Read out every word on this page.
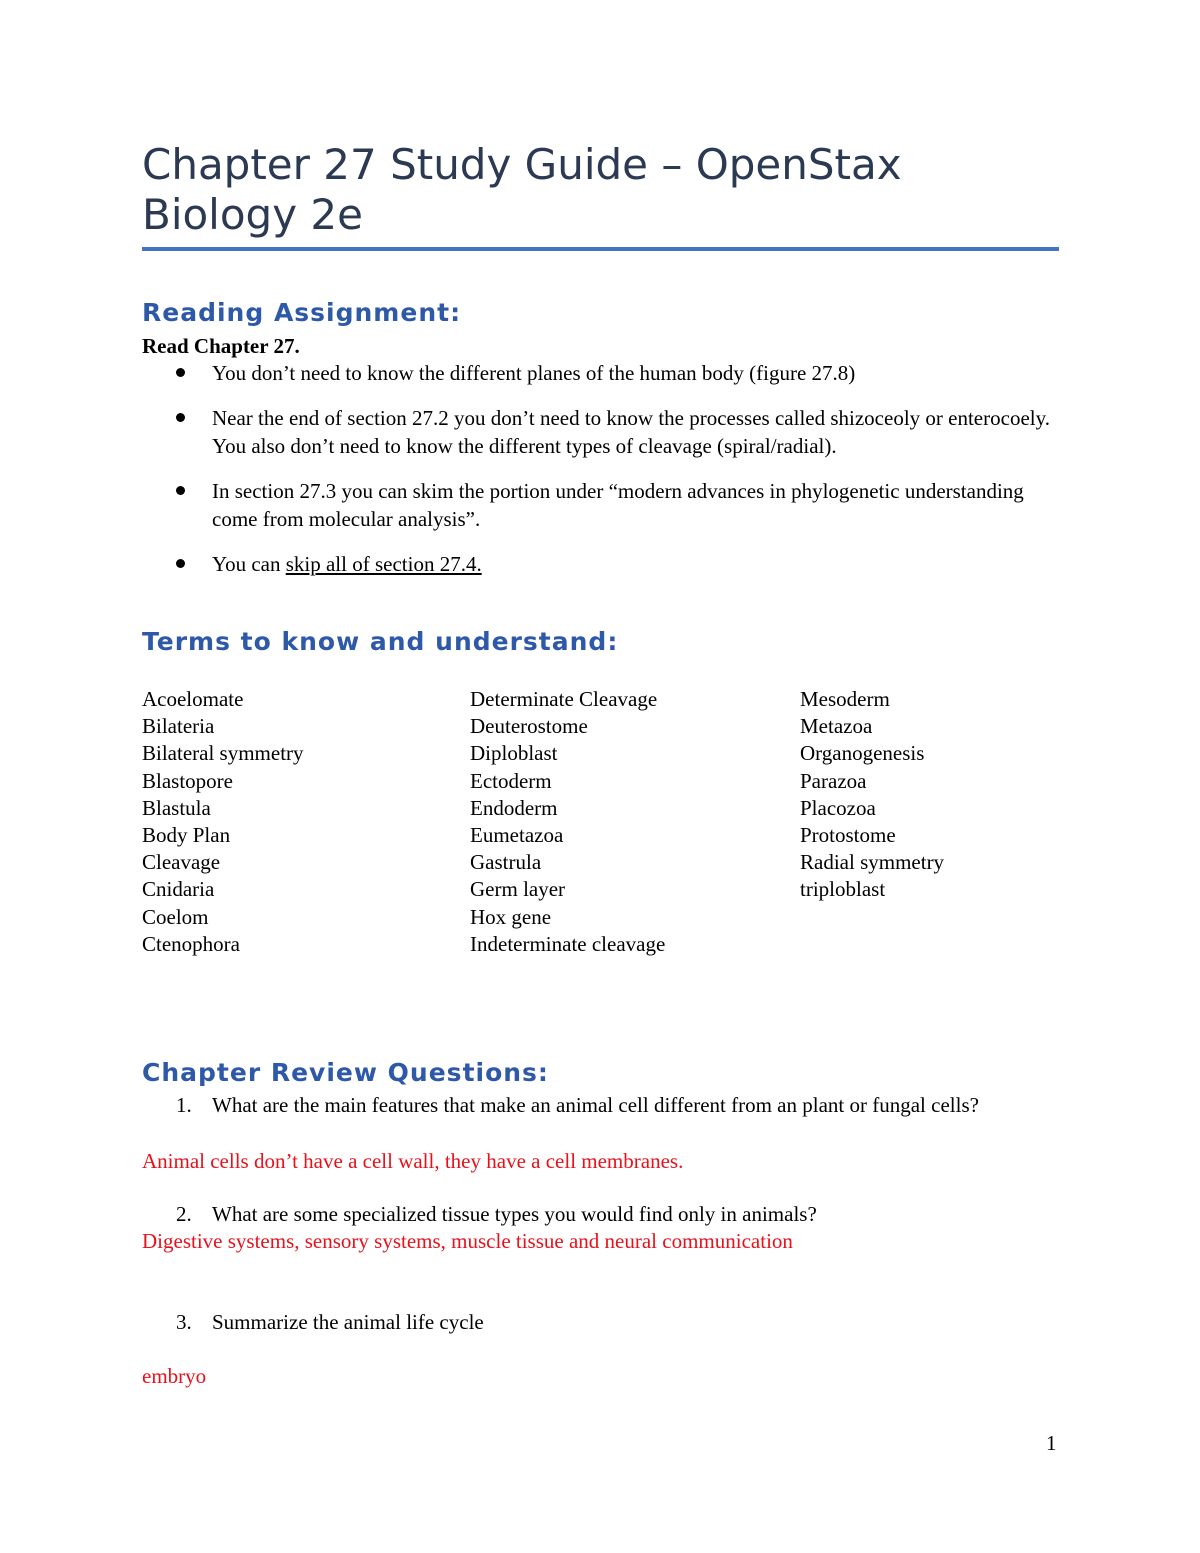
Chapter 27 Study Guide – OpenStax Biology 2e
Reading Assignment:
Read Chapter 27.
You don’t need to know the different planes of the human body (figure 27.8)
Near the end of section 27.2 you don’t need to know the processes called shizoceoly or enterocoely. You also don’t need to know the different types of cleavage (spiral/radial).
In section 27.3 you can skim the portion under “modern advances in phylogenetic understanding come from molecular analysis”.
You can skip all of section 27.4.
Terms to know and understand:
Acoelomate
Bilateria
Bilateral symmetry
Blastopore
Blastula
Body Plan
Cleavage
Cnidaria
Coelom
Ctenophora
Determinate Cleavage
Deuterostome
Diploblast
Ectoderm
Endoderm
Eumetazoa
Gastrula
Germ layer
Hox gene
Indeterminate cleavage
Mesoderm
Metazoa
Organogenesis
Parazoa
Placozoa
Protostome
Radial symmetry
triploblast
Chapter Review Questions:
1. What are the main features that make an animal cell different from an plant or fungal cells?
Animal cells don’t have a cell wall, they have a cell membranes.
2. What are some specialized tissue types you would find only in animals?
Digestive systems, sensory systems, muscle tissue and neural communication
3. Summarize the animal life cycle
embryo
1
